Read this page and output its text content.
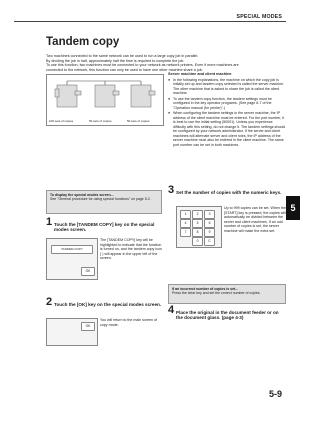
SPECIAL MODES
Tandem copy

Two machines connected to the same network can be used to run a large copy job in parallel.

By dividing the job in half, approximately half the time is required to complete the job.

To use this function, two machines must be connected to your network as network printers. Even if more machines are

connected to the network, this function can only be used to have one other machine share a job.

100 sets of copies	50 sets of copies	50 sets of copies
Server machine and client machine
● In the following explanations, the machine on which the copy job is initially set up and tandem copy selected is called the server machine. The other machine that is asked to share the job is called the client machine.
● To use the tandem copy function, the tandem settings must be configured in the key operator programs. (See page 6-7 of the "Operation manual (for printer)".)
● When configuring the tandem settings in the server machine, the IP address of the client machine must be entered. For the port number, it is best to use the initial setting (50001). Unless you experience difficulty with this setting, do not change it. The tandem settings should be configured by your network administrator. If the server and client machines will alternate server and client roles, the IP address of the server machine must also be entered in the client machine. The same port number can be set in both machines.
To display the special modes screen...
See "General procedure for using special functions" on page 5-2.
1 Touch the [TANDEM COPY] key on the special modes screen.
TANDEM COPY
OK
The [TANDEM COPY] key will be highlighted to indicate that the function is turned on, and the tandem copy icon ( ) will appear in the upper left of the screen.
2 Touch the [OK] key on the special modes screen.
OK
You will return to the main screen of copy mode.
3 Set the number of copies with the numeric keys.
1	2	3
4	5	6
7	8	9
0	C
Up to 999 copies can be set. When the [START] key is pressed, the copies will automatically be divided between the server and client machines. If an odd number of copies is set, the server machine will make the extra set.
If an incorrect number of copies is set...
Press the clear key and set the correct number of copies.
4 Place the original in the document feeder or on the document glass. (page 4-3)
5
5-9
